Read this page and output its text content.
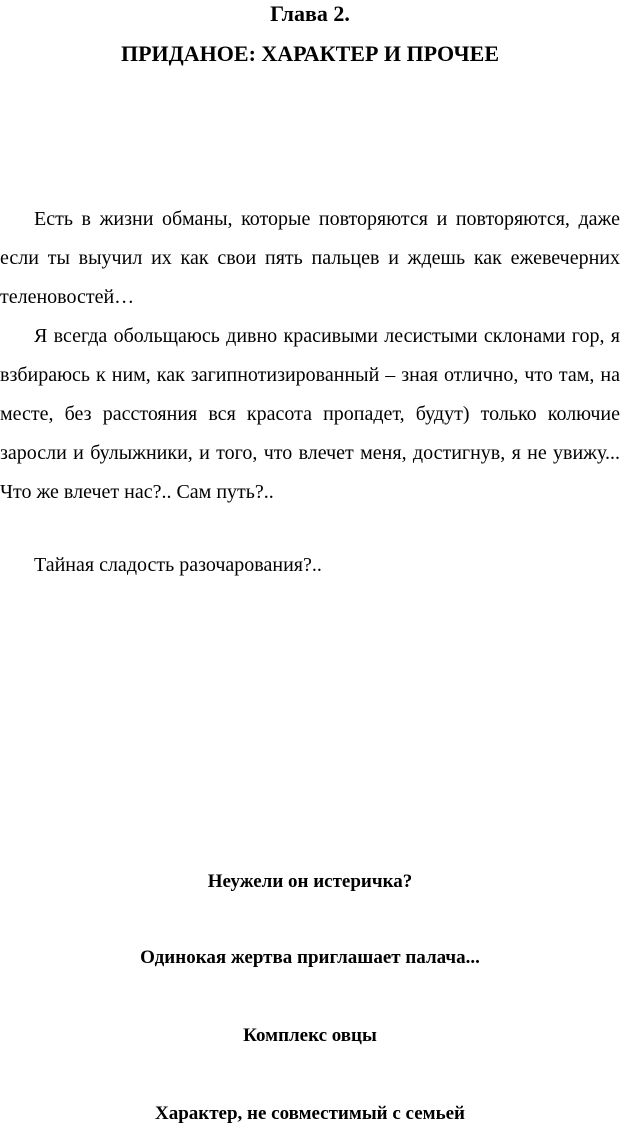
Глава 2.
ПРИДАНОЕ: ХАРАКТЕР И ПРОЧЕЕ

Есть в жизни обманы, которые повторяются и повторяются, даже если ты выучил их как свои пять пальцев и ждешь как ежевечерних теленовостей…

Я всегда обольщаюсь дивно красивыми лесистыми склонами гор, я взбираюсь к ним, как загипнотизированный – зная отлично, что там, на месте, без расстояния вся красота пропадет, будут) только колючие заросли и булыжники, и того, что влечет меня, достигнув, я не увижу... Что же влечет нас?.. Сам путь?..

Тайная сладость разочарования?..

Неужели он истеричка?
Одинокая жертва приглашает палача...
Комплекс овцы
Характер, не совместимый с семьей
